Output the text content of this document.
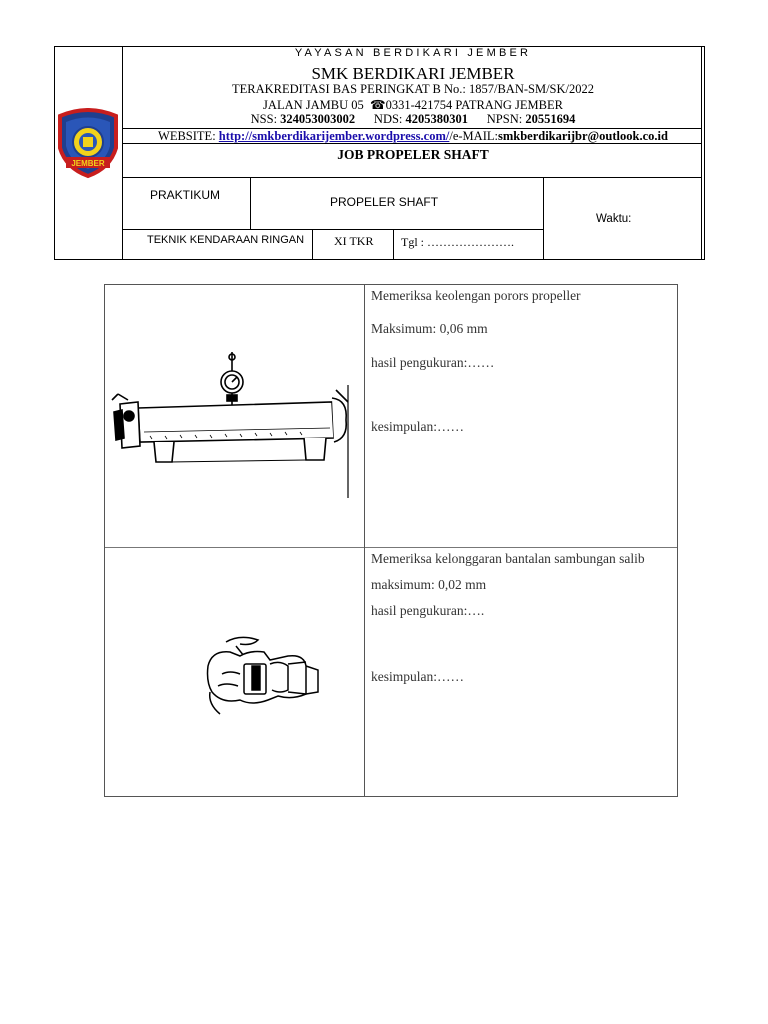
JEMBER
YAYASAN BERDIKARI JEMBER
SMK BERDIKARI JEMBER
TERAKREDITASI BAS PERINGKAT B No.: 1857/BAN-SM/SK/2022
JALAN JAMBU 05 ☎0331-421754 PATRANG JEMBER
NSS: 324053003002 NDS: 4205380301 NPSN: 20551694
WEBSITE: http://smkberdikarijember.wordpress.com//e-MAIL:smkberdikarijbr@outlook.co.id
JOB PROPELER SHAFT
PRAKTIKUM	PROPELER SHAFT
Waktu:
TEKNIK KENDARAAN RINGAN XI TKR Tgl : ………………….
Memeriksa keolengan porors propeller
Maksimum: 0,06 mm
hasil pengukuran:……
kesimpulan:……
Memeriksa kelonggaran bantalan sambungan salib
maksimum: 0,02 mm
hasil pengukuran:….
kesimpulan:……
